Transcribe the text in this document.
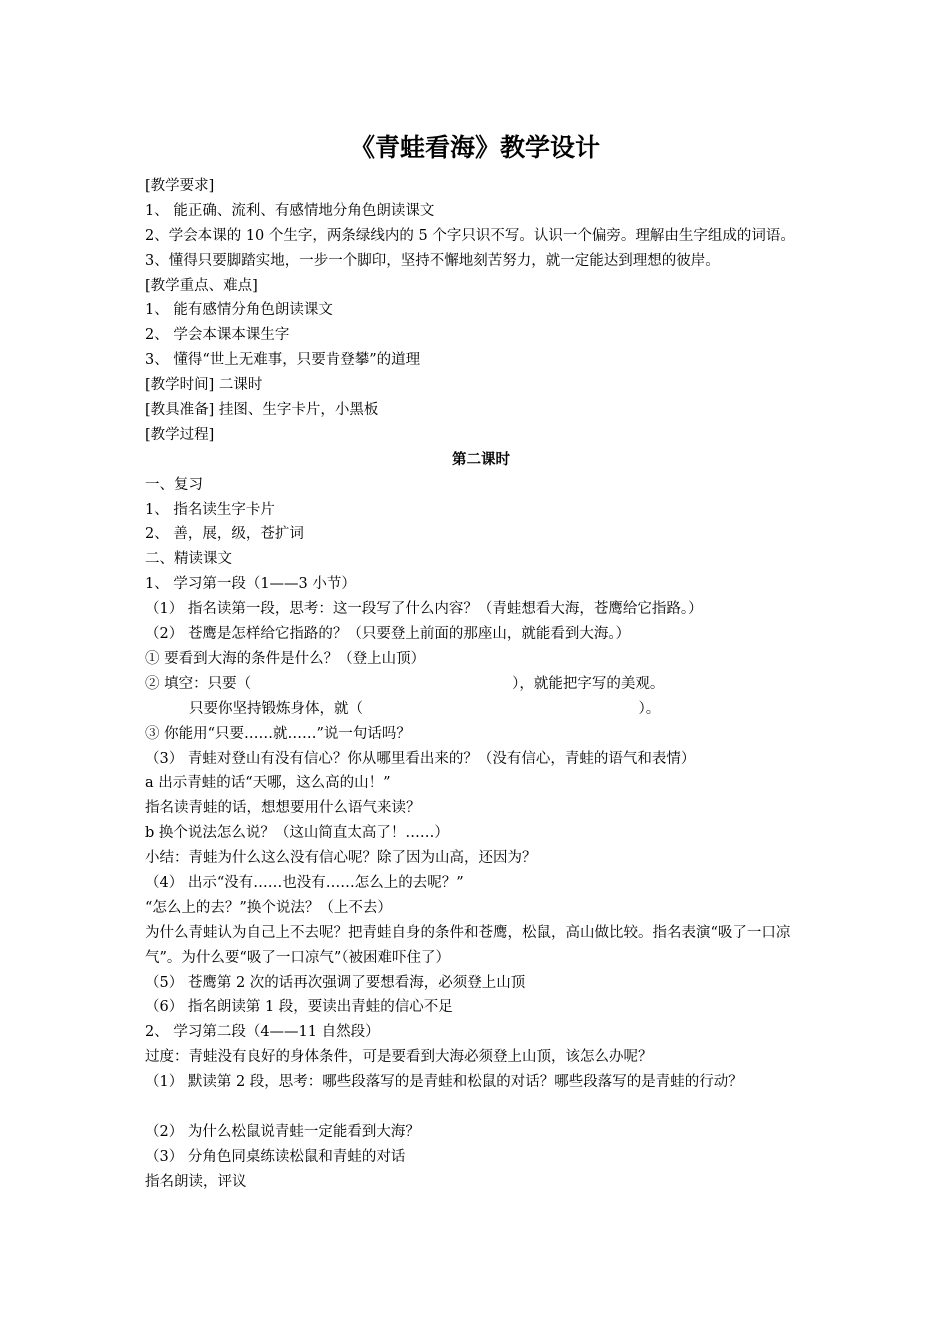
《青蛙看海》教学设计
[教学要求]
1、 能正确、流利、有感情地分角色朗读课文
2、学会本课的 10 个生字，两条绿线内的 5 个字只识不写。认识一个偏旁。理解由生字组成的词语。
3、懂得只要脚踏实地，一步一个脚印，坚持不懈地刻苦努力，就一定能达到理想的彼岸。
[教学重点、难点]
1、 能有感情分角色朗读课文
2、 学会本课本课生字
3、 懂得“世上无难事，只要肯登攀”的道理
[教学时间] 二课时
[教具准备] 挂图、生字卡片，小黑板
[教学过程]
第二课时
一、复习
1、 指名读生字卡片
2、 善，展，级，苍扩词
二、精读课文
1、 学习第一段（1——3 小节）
（1） 指名读第一段，思考：这一段写了什么内容？（青蛙想看大海，苍鹰给它指路。）
（2） 苍鹰是怎样给它指路的？（只要登上前面的那座山，就能看到大海。）
① 要看到大海的条件是什么？（登上山顶）
② 填空：只要（　　　　　　　　　　　　　　　　　　），就能把字写的美观。
只要你坚持锻炼身体，就（　　　　　　　　　　　　　　　　　　　）。
③ 你能用“只要……就……”说一句话吗？
（3） 青蛙对登山有没有信心？你从哪里看出来的？（没有信心，青蛙的语气和表情）
a 出示青蛙的话“天哪，这么高的山！”
指名读青蛙的话，想想要用什么语气来读？
b 换个说法怎么说？（这山简直太高了！……）
小结：青蛙为什么这么没有信心呢？除了因为山高，还因为？
（4） 出示“没有……也没有……怎么上的去呢？”
“怎么上的去？”换个说法？（上不去）
为什么青蛙认为自己上不去呢？把青蛙自身的条件和苍鹰，松鼠，高山做比较。指名表演“吸了一口凉气”。为什么要“吸了一口凉气”（被困难吓住了）
（5） 苍鹰第 2 次的话再次强调了要想看海，必须登上山顶
（6） 指名朗读第 1 段，要读出青蛙的信心不足
2、 学习第二段（4——11 自然段）
过度：青蛙没有良好的身体条件，可是要看到大海必须登上山顶，该怎么办呢？
（1） 默读第 2 段，思考：哪些段落写的是青蛙和松鼠的对话？哪些段落写的是青蛙的行动？
（2） 为什么松鼠说青蛙一定能看到大海？
（3） 分角色同桌练读松鼠和青蛙的对话
指名朗读，评议
